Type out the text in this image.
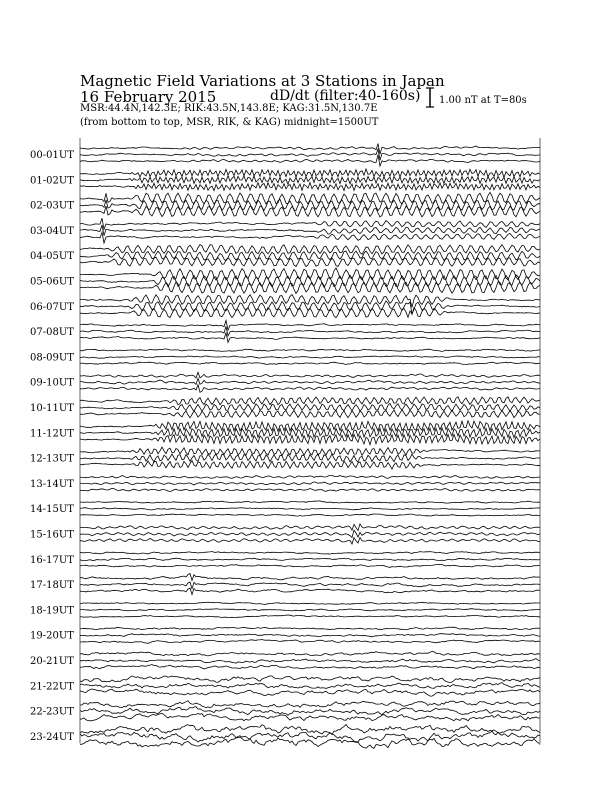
Magnetic Field Variations at 3 Stations in Japan
16 February 2015	dD/dt (filter:40-160s)
MSR:44.4N,142.3E; RIK:43.5N,143.8E; KAG:31.5N,130.7E
(from bottom to top, MSR, RIK, & KAG) midnight=1500UT
1.00 nT at T=80s
00-01UT
01-02UT
02-03UT
03-04UT
04-05UT
05-06UT
06-07UT
07-08UT
08-09UT
09-10UT
10-11UT
11-12UT
12-13UT
13-14UT
14-15UT
15-16UT
16-17UT
17-18UT
18-19UT
19-20UT
20-21UT
21-22UT
22-23UT
23-24UT
